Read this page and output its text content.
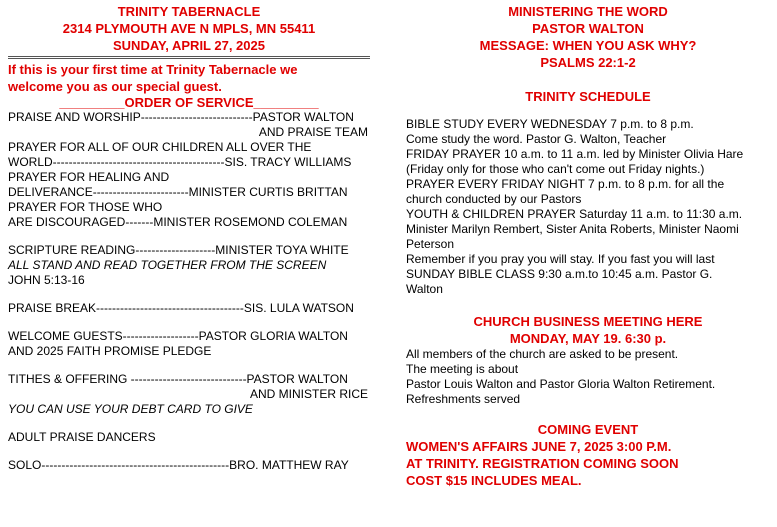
TRINITY TABERNACLE
2314 PLYMOUTH AVE N MPLS, MN 55411
SUNDAY, APRIL 27, 2025
If this is your first time at Trinity Tabernacle we
welcome you as our special guest.
_________ORDER OF SERVICE_________
PRAISE AND WORSHIP----------------------------PASTOR WALTON
AND PRAISE TEAM
PRAYER FOR ALL OF OUR CHILDREN ALL OVER THE
WORLD-------------------------------------------SIS. TRACY WILLIAMS
PRAYER FOR HEALING AND
DELIVERANCE------------------------MINISTER CURTIS BRITTAN
PRAYER FOR THOSE WHO
ARE DISCOURAGED-------MINISTER ROSEMOND COLEMAN
SCRIPTURE READING--------------------MINISTER TOYA WHITE
ALL STAND AND READ TOGETHER FROM THE SCREEN
JOHN 5:13-16
PRAISE BREAK-------------------------------------SIS. LULA WATSON
WELCOME GUESTS-------------------PASTOR GLORIA WALTON
AND 2025 FAITH PROMISE PLEDGE
TITHES & OFFERING -----------------------------PASTOR WALTON
AND MINISTER RICE
YOU CAN USE YOUR DEBT CARD TO GIVE
ADULT PRAISE DANCERS
SOLO-----------------------------------------------BRO. MATTHEW RAY
MINISTERING THE WORD
PASTOR WALTON
MESSAGE: WHEN YOU ASK WHY?
PSALMS 22:1-2
TRINITY SCHEDULE
BIBLE STUDY EVERY WEDNESDAY 7 p.m. to 8 p.m.
Come study the word. Pastor G. Walton, Teacher
FRIDAY PRAYER 10 a.m. to 11 a.m. led by Minister Olivia Hare
(Friday only for those who can't come out Friday nights.)
PRAYER EVERY FRIDAY NIGHT 7 p.m. to 8 p.m. for all the
church conducted by our Pastors
YOUTH & CHILDREN PRAYER Saturday 11 a.m. to 11:30 a.m.
Minister Marilyn Rembert, Sister Anita Roberts, Minister Naomi
Peterson
Remember if you pray you will stay. If you fast you will last
SUNDAY BIBLE CLASS 9:30 a.m.to 10:45 a.m. Pastor G.
Walton
CHURCH BUSINESS MEETING HERE
MONDAY, MAY 19. 6:30 p.
All members of the church are asked to be present.
The meeting is about
Pastor Louis Walton and Pastor Gloria Walton Retirement.
Refreshments served
COMING EVENT
WOMEN'S AFFAIRS JUNE 7, 2025 3:00 P.M.
AT TRINITY. REGISTRATION COMING SOON
COST $15 INCLUDES MEAL.
